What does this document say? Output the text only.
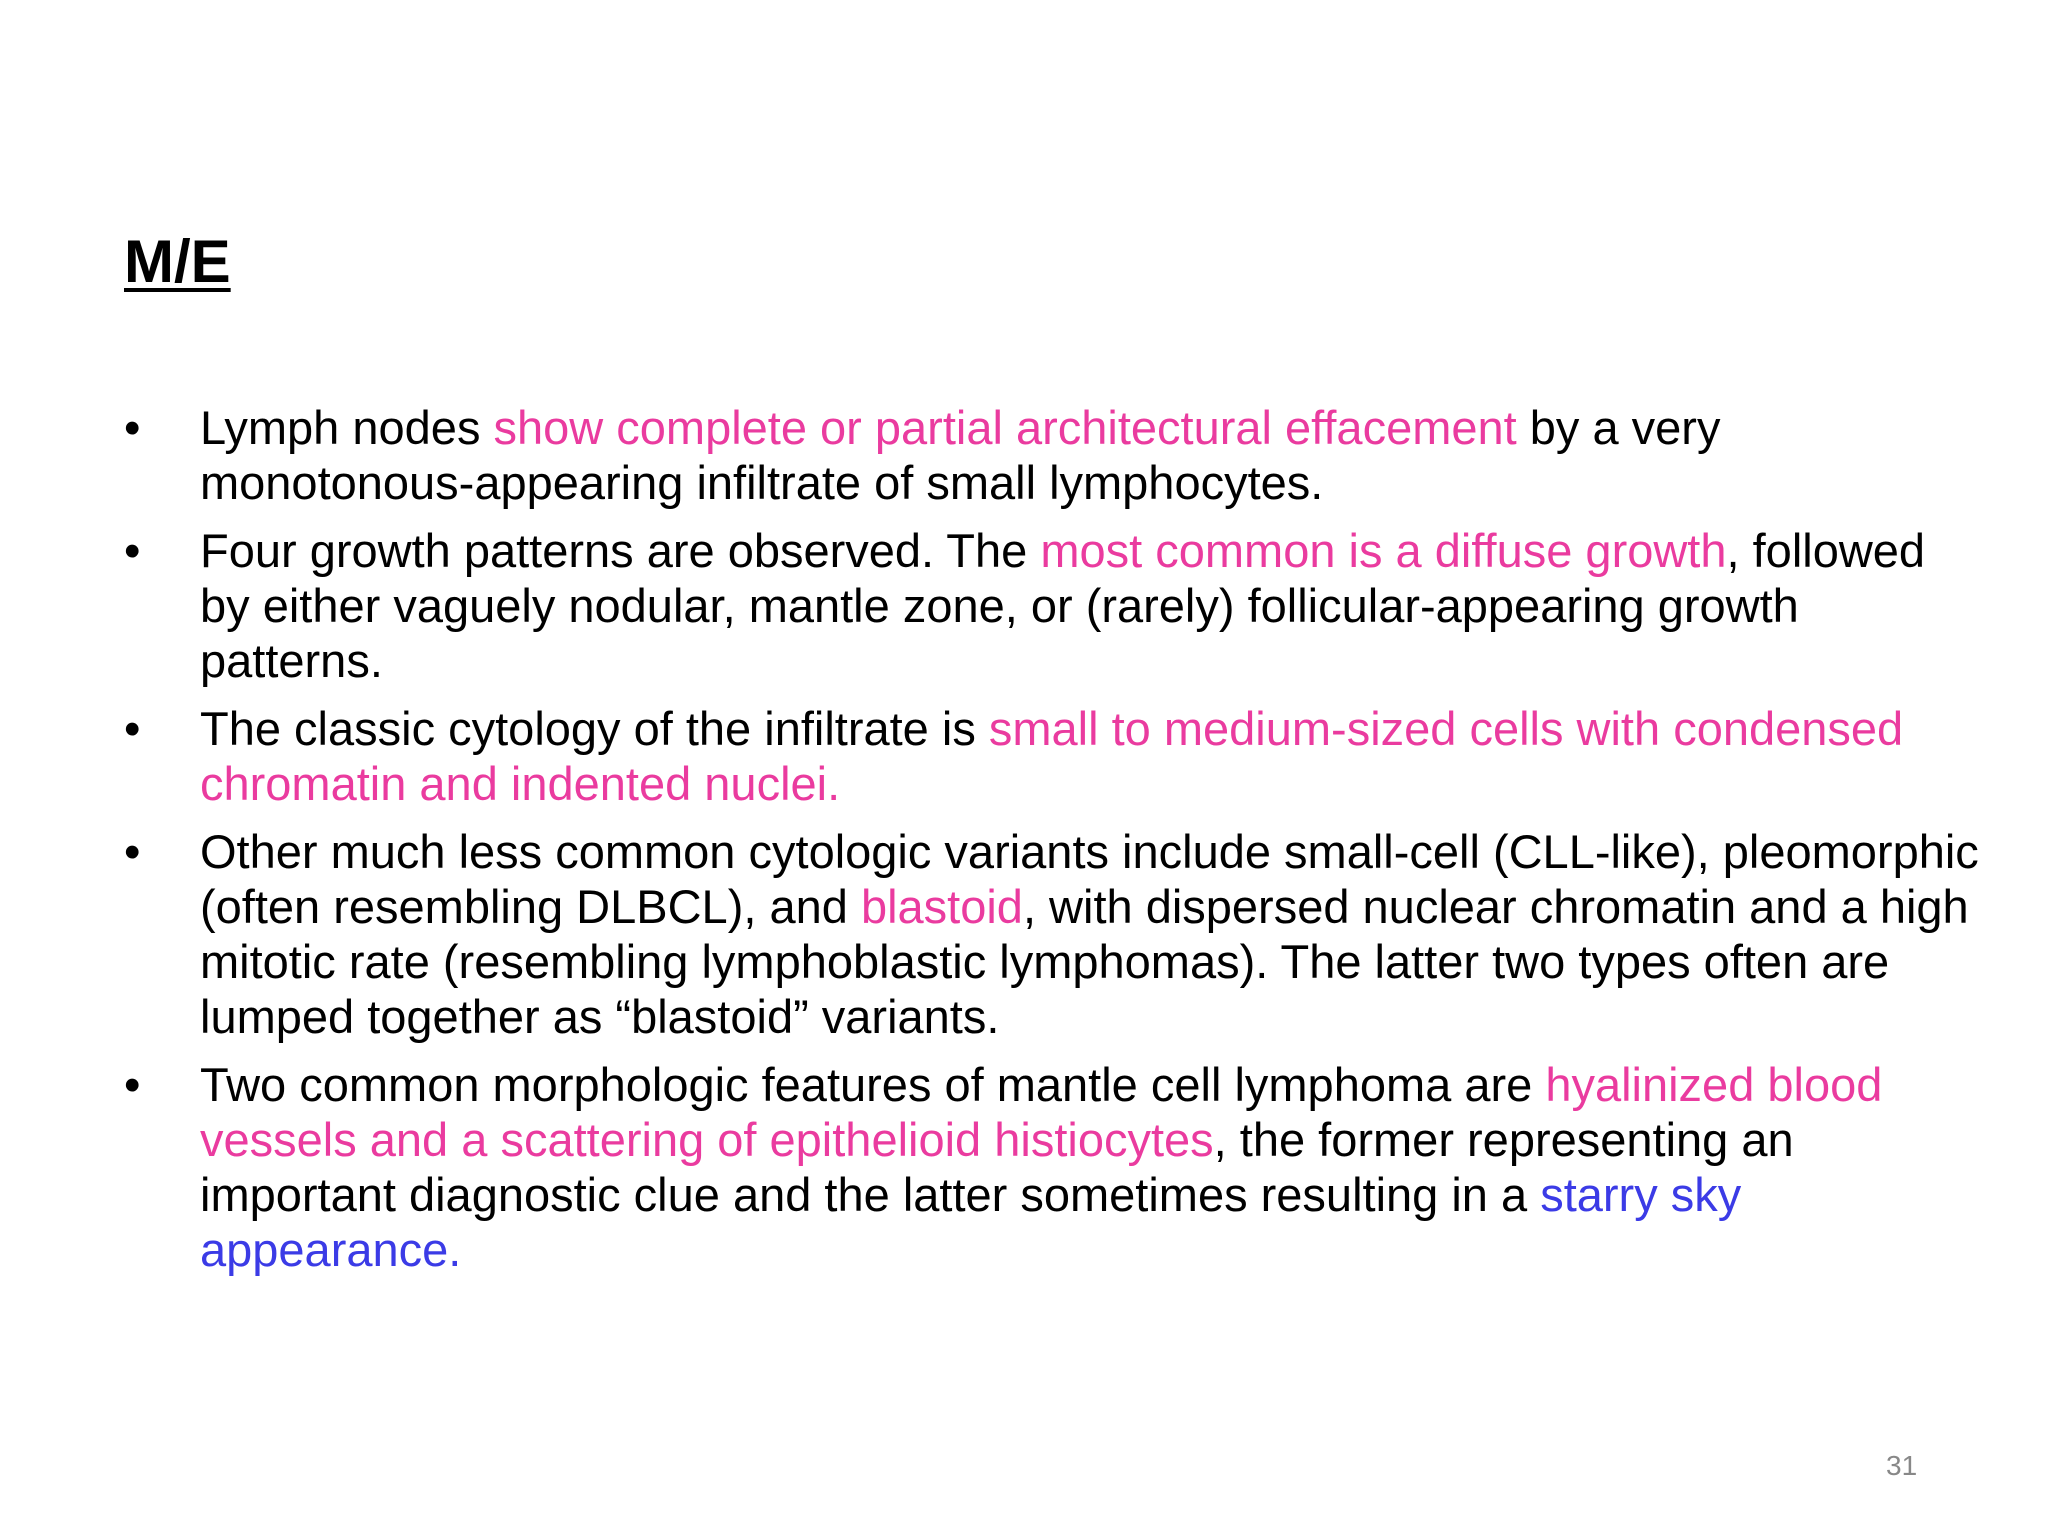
M/E
•	Lymph nodes show complete or partial architectural effacement by a very monotonous-appearing infiltrate of small lymphocytes.
•	Four growth patterns are observed. The most common is a diffuse growth, followed by either vaguely nodular, mantle zone, or (rarely) follicular-appearing growth patterns.
•	The classic cytology of the infiltrate is small to medium-sized cells with condensed chromatin and indented nuclei.
•	Other much less common cytologic variants include small-cell (CLL-like), pleomorphic (often resembling DLBCL), and blastoid, with dispersed nuclear chromatin and a high mitotic rate (resembling lymphoblastic lymphomas). The latter two types often are lumped together as “blastoid” variants.
•	Two common morphologic features of mantle cell lymphoma are hyalinized blood vessels and a scattering of epithelioid histiocytes, the former representing an important diagnostic clue and the latter sometimes resulting in a starry sky appearance.
31
